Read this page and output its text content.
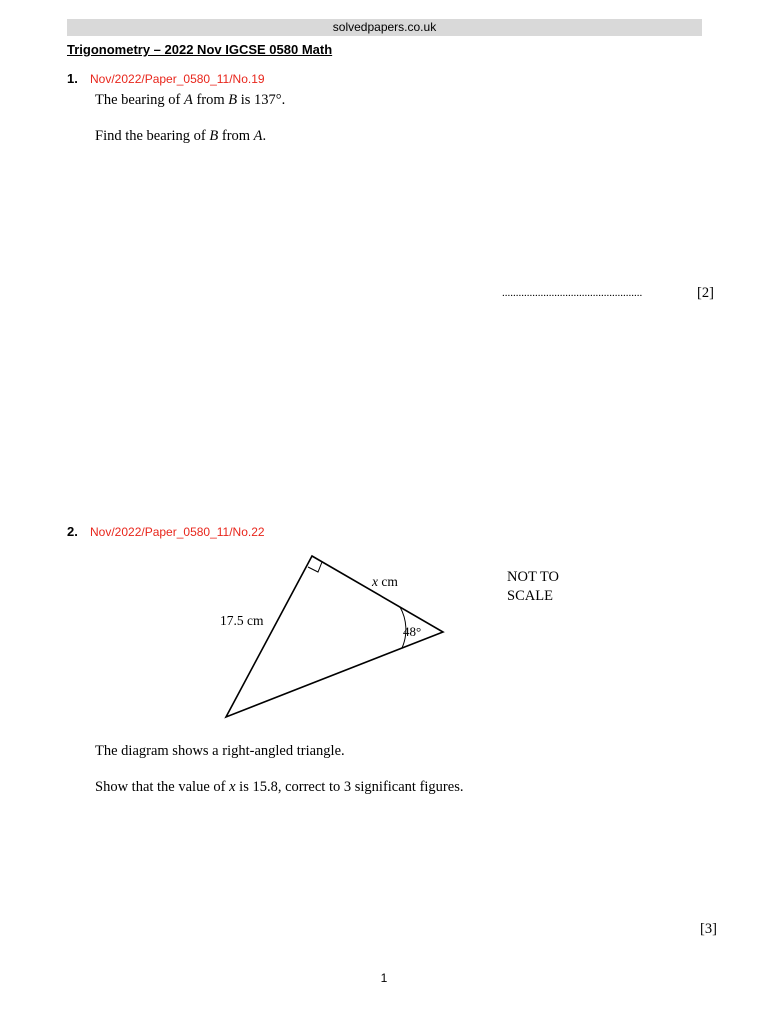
solvedpapers.co.uk
Trigonometry – 2022 Nov IGCSE 0580 Math
1. Nov/2022/Paper_0580_11/No.19
The bearing of A from B is 137°.
Find the bearing of B from A.
...................................................	[2]
2. Nov/2022/Paper_0580_11/No.22
17.5 cm
x cm
48°
NOT TO
SCALE
The diagram shows a right-angled triangle.
Show that the value of x is 15.8, correct to 3 significant figures.
[3]
1
